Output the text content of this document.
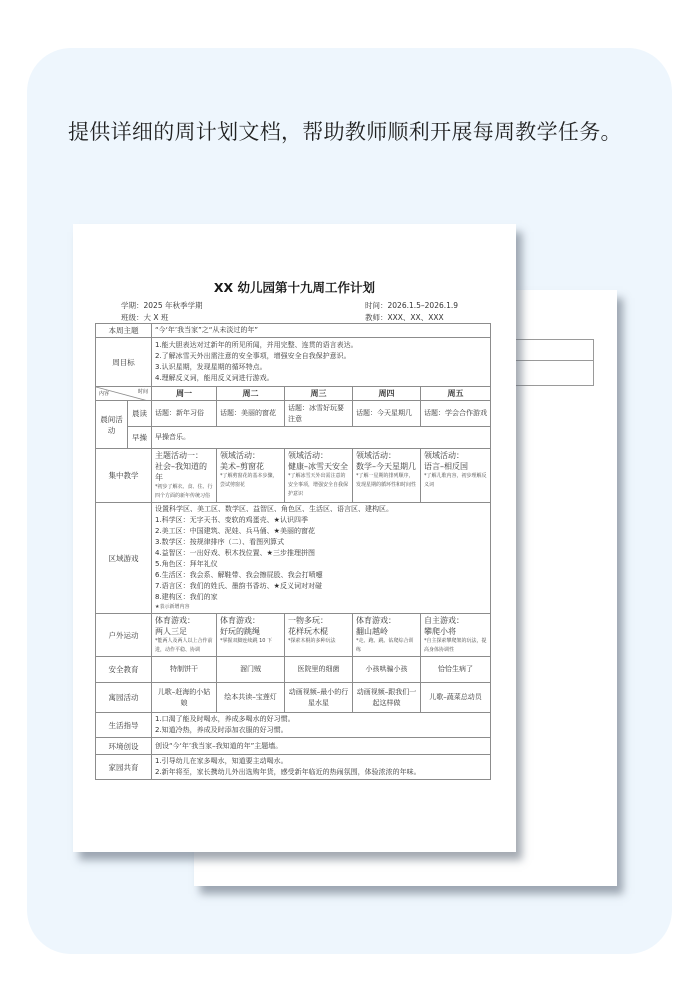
提供详细的周计划文档，帮助教师顺利开展每周教学任务。
XX 幼儿园第十九周工作计划
学期：2025 年秋季学期
班级：大 X 班
时间：2026.1.5–2026.1.9
教师：XXX、XX、XXX
本周主题		“今‘年’我当家”之“从未淡过的年”				
周目标		1.能大胆表达对过新年的所见所闻，并用完整、连贯的语言表达。
2.了解冰雪天外出需注意的安全事项，增强安全自我保护意识。
3.认识星期，发现星期的循环特点。
4.理解反义词，能用反义词进行游戏。				

时间
内容		周一	周二	周三	周四	周五
晨间活动	晨读	话题：新年习俗	话题：美丽的窗花	话题：冰雪好玩要注意	话题：今天星期几	话题：学会合作游戏
	早操	早操音乐。				
集中教学		主题活动一：
社会–我知道的年
*初步了解衣、食、住、行四个方面的新年传统习俗	领域活动：
美术–剪窗花
*了解剪窗花的基本步骤，尝试剪窗花	领域活动：
健康–冰雪天安全
*了解冰雪天外出需注意的安全事项，增强安全自我保护意识	领域活动：
数学–今天星期几
*了解一星期的排列顺序，发现星期的循环性和时间性	领域活动：
语言–相反国
*了解儿歌内容，初步理解反义词

区域游戏	
设置科学区、美工区、数学区、益智区、角色区、生活区、语言区、建构区。
1.科学区：无字天书、变软的鸡蛋壳、★认识四季
2.美工区：中国建筑、泥娃、兵马俑、★美丽的窗花
3.数学区：按规律排序（二）、看图列算式
4.益智区：一出好戏、积木找位置、★三步推理拼图
5.角色区：拜年礼仪
6.生活区：我会系、解鞋带、我会擦屁股、我会打喷嚏
7.语言区：我们的姓氏、墨韵书香坊、★反义词对对碰
8.建构区：我们的家
★表示新增内容

户外运动		体育游戏：
两人三足
*能两人及两人以上合作前进，动作平稳、协调	体育游戏：
好玩的跳绳
*掌握双脚连续跳 10 下	一物多玩：
花样玩木棍
*探索木棍的多种玩法	体育游戏：
翻山越岭
*走、跑、跳、钻爬综合训练	自主游戏：
攀爬小将
*自主探索攀爬架的玩法，提高身体协调性

安全教育		特制饼干	溜门贼	医院里的细菌	小孩哄骗小孩	恰恰生病了
寓园活动		儿歌–赶海的小姑娘	绘本共读–宝莲灯	动画视频–最小的行星水星	动画视频–跟我们一起这样做	儿歌–蔬菜总动员
生活指导		1.口渴了能及时喝水，养成多喝水的好习惯。
2.知道冷热，养成及时添加衣服的好习惯。				

环境创设		创设“今‘年’我当家–我知道的年”主题墙。				
家园共育		1.引导幼儿在家多喝水，知道要主动喝水。
2.新年将至，家长携幼儿外出选购年货，感受新年临近的热闹氛围，体验浓浓的年味。				
